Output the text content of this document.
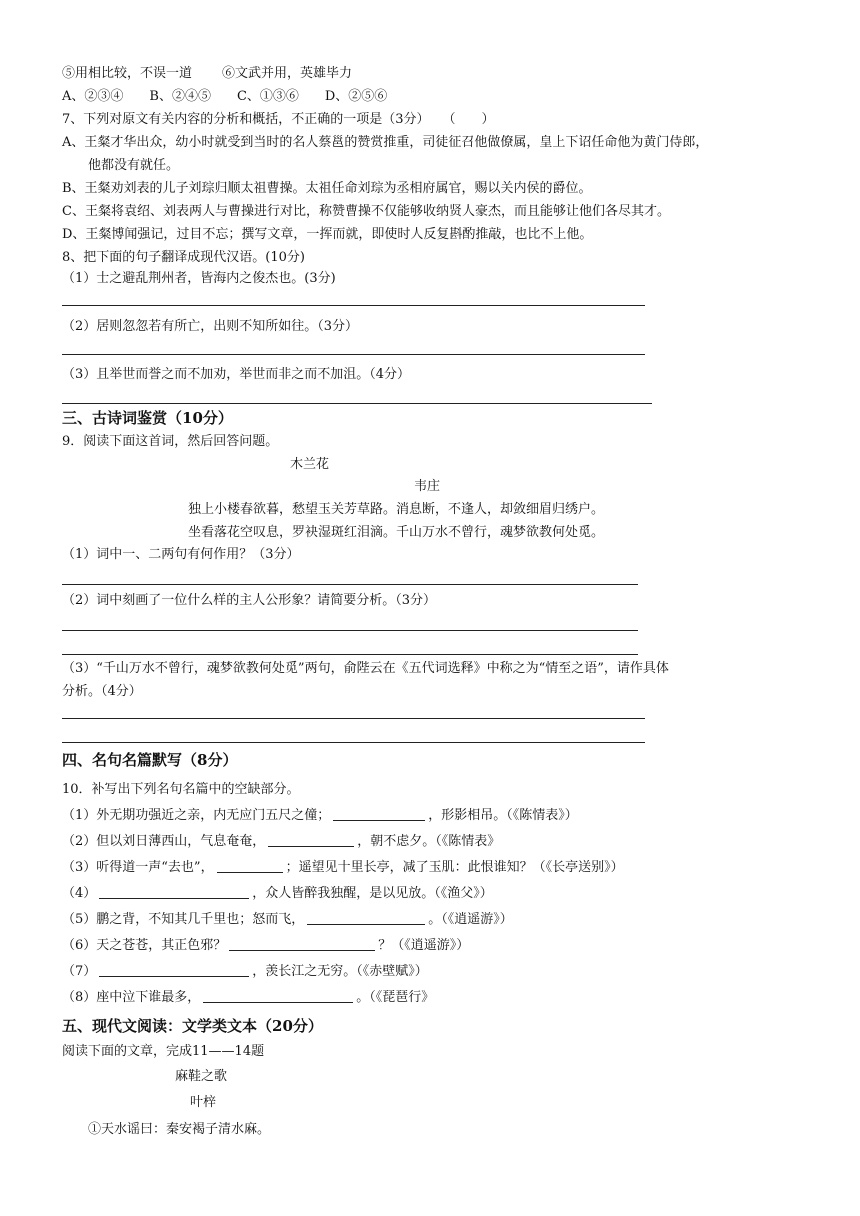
⑤用相比较，不误一道 ⑥文武并用，英雄毕力
A、②③④　　B、②④⑤　　C、①③⑥　　D、②⑤⑥
7、下列对原文有关内容的分析和概括，不正确的一项是（3分）　　（　　）
A、王粲才华出众，幼小时就受到当时的名人蔡邕的赞赏推重，司徒征召他做僚属，皇上下诏任命他为黄门侍郎，
他都没有就任。
B、王粲劝刘表的儿子刘琮归顺太祖曹操。太祖任命刘琮为丞相府属官，赐以关内侯的爵位。
C、王粲将袁绍、刘表两人与曹操进行对比，称赞曹操不仅能够收纳贤人豪杰，而且能够让他们各尽其才。
D、王粲博闻强记，过目不忘；撰写文章，一挥而就，即使时人反复斟酌推敲，也比不上他。
8、把下面的句子翻译成现代汉语。(10分)
（1）士之避乱荆州者，皆海内之俊杰也。(3分)
（2）居则忽忽若有所亡，出则不知所如往。（3分）
（3）且举世而誉之而不加劝，举世而非之而不加沮。（4分）
三、古诗词鉴赏（10分）
9．阅读下面这首词，然后回答问题。
木兰花
韦庄
独上小楼春欲暮，愁望玉关芳草路。消息断，不逢人，却敛细眉归绣户。
坐看落花空叹息，罗袂湿斑红泪滴。千山万水不曾行，魂梦欲教何处觅。
（1）词中一、二两句有何作用？（3分）
（2）词中刻画了一位什么样的主人公形象？请简要分析。（3分）
（3）“千山万水不曾行，魂梦欲教何处觅”两句，俞陛云在《五代词选释》中称之为“情至之语”，请作具体
分析。（4分）
四、名句名篇默写（8分）
10．补写出下列名句名篇中的空缺部分。
（1）外无期功强近之亲，内无应门五尺之僮；	，形影相吊。（《陈情表》）
（2）但以刘日薄西山，气息奄奄，	，朝不虑夕。（《陈情表》
（3）听得道一声“去也”，	；遥望见十里长亭，减了玉肌：此恨谁知？（《长亭送别》）
（4）	，众人皆醉我独醒，是以见放。（《渔父》）
（5）鹏之背，不知其几千里也；怒而飞，	。（《逍遥游》）
（6）天之苍苍，其正色邪？	？（《逍遥游》）
（7）	，羡长江之无穷。（《赤壁赋》）
（8）座中泣下谁最多，	。（《琵琶行》
五、现代文阅读：文学类文本（20分）
阅读下面的文章，完成11——14题
麻鞋之歌
叶梓
①天水谣曰：秦安褐子清水麻。
